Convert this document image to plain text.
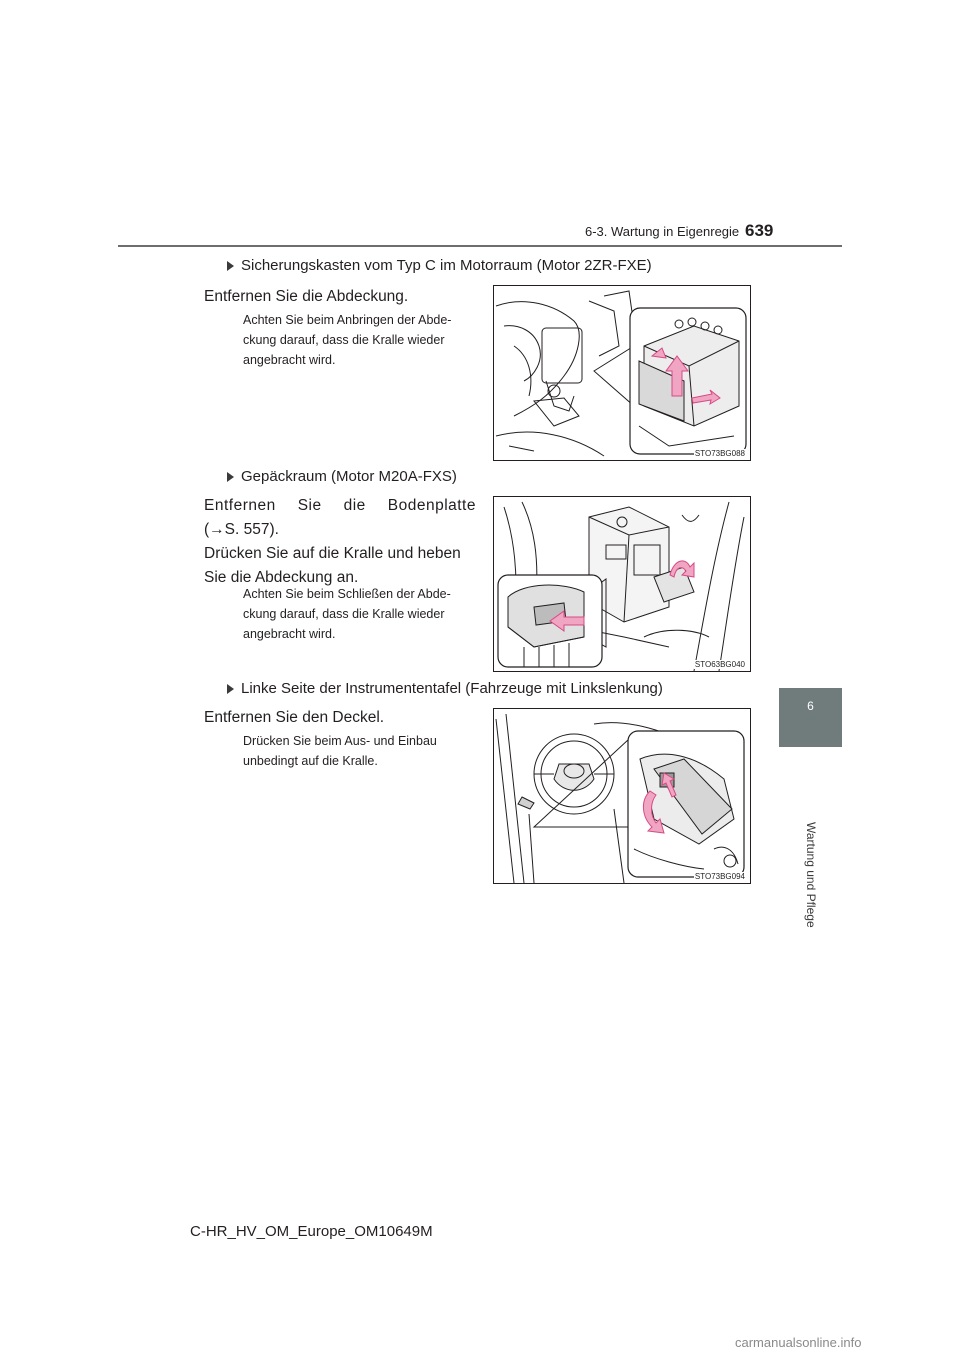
6-3. Wartung in Eigenregie 639
6
Wartung und Pflege
Sicherungskasten vom Typ C im Motorraum (Motor 2ZR-FXE)
Entfernen Sie die Abdeckung.
Achten Sie beim Anbringen der Abde-
ckung darauf, dass die Kralle wieder
angebracht wird.
STO73BG088
Gepäckraum (Motor M20A-FXS)
Entfernen Sie die Bodenplatte
(→S. 557).
Drücken Sie auf die Kralle und heben
Sie die Abdeckung an.
Achten Sie beim Schließen der Abde-
ckung darauf, dass die Kralle wieder
angebracht wird.
STO63BG040
Linke Seite der Instrumententafel (Fahrzeuge mit Linkslenkung)
Entfernen Sie den Deckel.
Drücken Sie beim Aus- und Einbau
unbedingt auf die Kralle.
STO73BG094
C-HR_HV_OM_Europe_OM10649M
carmanualsonline.info
